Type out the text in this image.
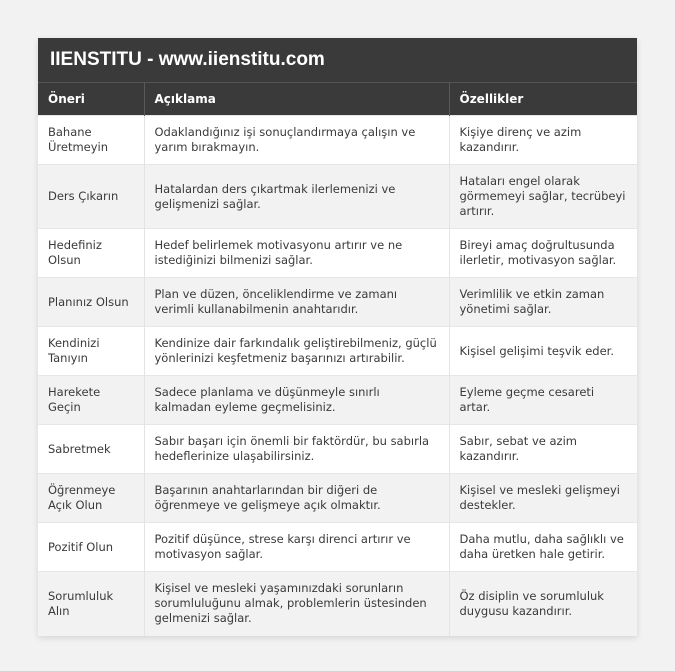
IIENSTITU - www.iienstitu.com
Öneri	Açıklama	Özellikler
Bahane Üretmeyin	Odaklandığınız işi sonuçlandırmaya çalışın ve yarım bırakmayın.	Kişiye direnç ve azim kazandırır.
Ders Çıkarın	Hatalardan ders çıkartmak ilerlemenizi ve gelişmenizi sağlar.	Hataları engel olarak görmemeyi sağlar, tecrübeyi artırır.
Hedefiniz Olsun	Hedef belirlemek motivasyonu artırır ve ne istediğinizi bilmenizi sağlar.	Bireyi amaç doğrultusunda ilerletir, motivasyon sağlar.
Planınız Olsun	Plan ve düzen, önceliklendirme ve zamanı verimli kullanabilmenin anahtarıdır.	Verimlilik ve etkin zaman yönetimi sağlar.
Kendinizi Tanıyın	Kendinize dair farkındalık geliştirebilmeniz, güçlü yönlerinizi keşfetmeniz başarınızı artırabilir.	Kişisel gelişimi teşvik eder.
Harekete Geçin	Sadece planlama ve düşünmeyle sınırlı kalmadan eyleme geçmelisiniz.	Eyleme geçme cesareti artar.
Sabretmek	Sabır başarı için önemli bir faktördür, bu sabırla hedeflerinize ulaşabilirsiniz.	Sabır, sebat ve azim kazandırır.
Öğrenmeye Açık Olun	Başarının anahtarlarından bir diğeri de öğrenmeye ve gelişmeye açık olmaktır.	Kişisel ve mesleki gelişmeyi destekler.
Pozitif Olun	Pozitif düşünce, strese karşı direnci artırır ve motivasyon sağlar.	Daha mutlu, daha sağlıklı ve daha üretken hale getirir.
Sorumluluk Alın	Kişisel ve mesleki yaşamınızdaki sorunların sorumluluğunu almak, problemlerin üstesinden gelmenizi sağlar.	Öz disiplin ve sorumluluk duygusu kazandırır.
